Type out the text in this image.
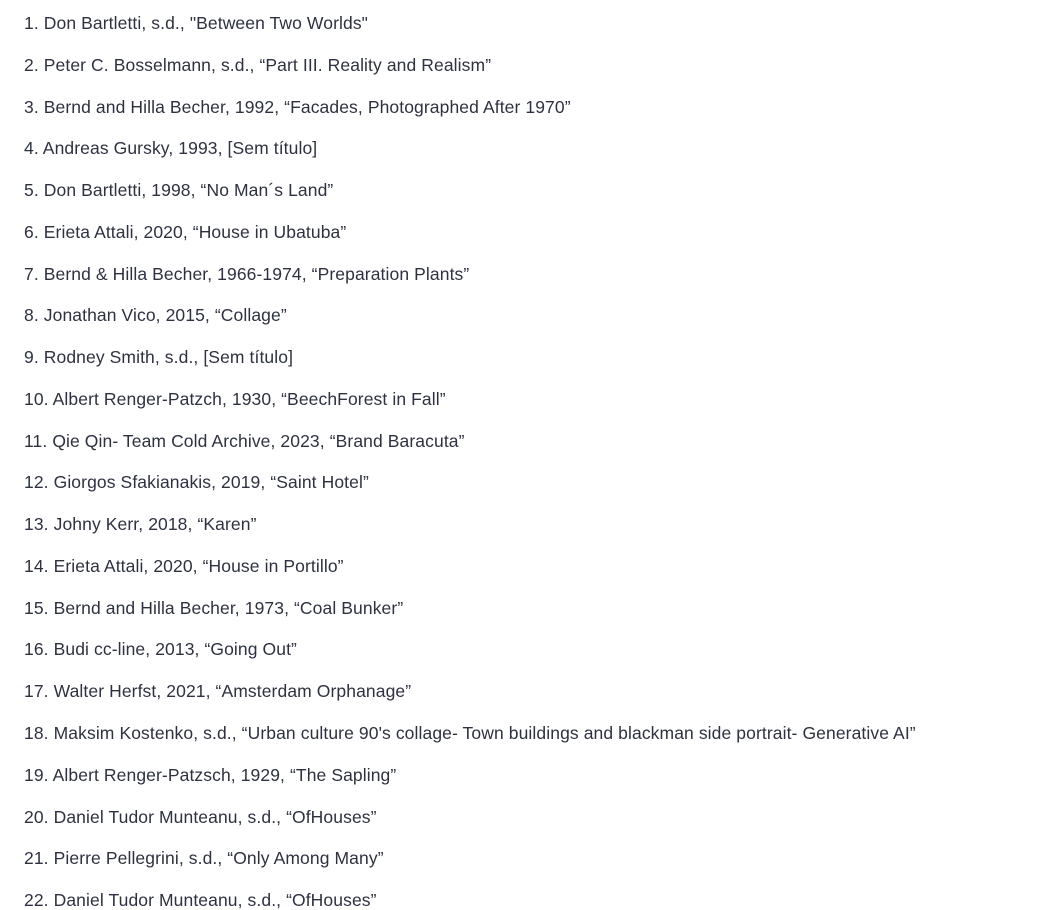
1. Don Bartletti, s.d., "Between Two Worlds"
2. Peter C. Bosselmann, s.d., “Part III. Reality and Realism”
3. Bernd and Hilla Becher, 1992, “Facades, Photographed After 1970”
4. Andreas Gursky, 1993, [Sem título]
5. Don Bartletti, 1998, “No Man´s Land”
6. Erieta Attali, 2020, “House in Ubatuba”
7. Bernd & Hilla Becher, 1966-1974, “Preparation Plants”
8. Jonathan Vico, 2015, “Collage”
9. Rodney Smith, s.d., [Sem título]
10. Albert Renger-Patzch, 1930, “BeechForest in Fall”
11. Qie Qin- Team Cold Archive, 2023, “Brand Baracuta”
12. Giorgos Sfakianakis, 2019, “Saint Hotel”
13. Johny Kerr, 2018, “Karen”
14. Erieta Attali, 2020, “House in Portillo”
15. Bernd and Hilla Becher, 1973, “Coal Bunker”
16. Budi cc-line, 2013, “Going Out”
17. Walter Herfst, 2021, “Amsterdam Orphanage”
18. Maksim Kostenko, s.d., “Urban culture 90's collage- Town buildings and blackman side portrait- Generative AI”
19. Albert Renger-Patzsch, 1929, “The Sapling”
20. Daniel Tudor Munteanu, s.d., “OfHouses”
21. Pierre Pellegrini, s.d., “Only Among Many”
22. Daniel Tudor Munteanu, s.d., “OfHouses”
